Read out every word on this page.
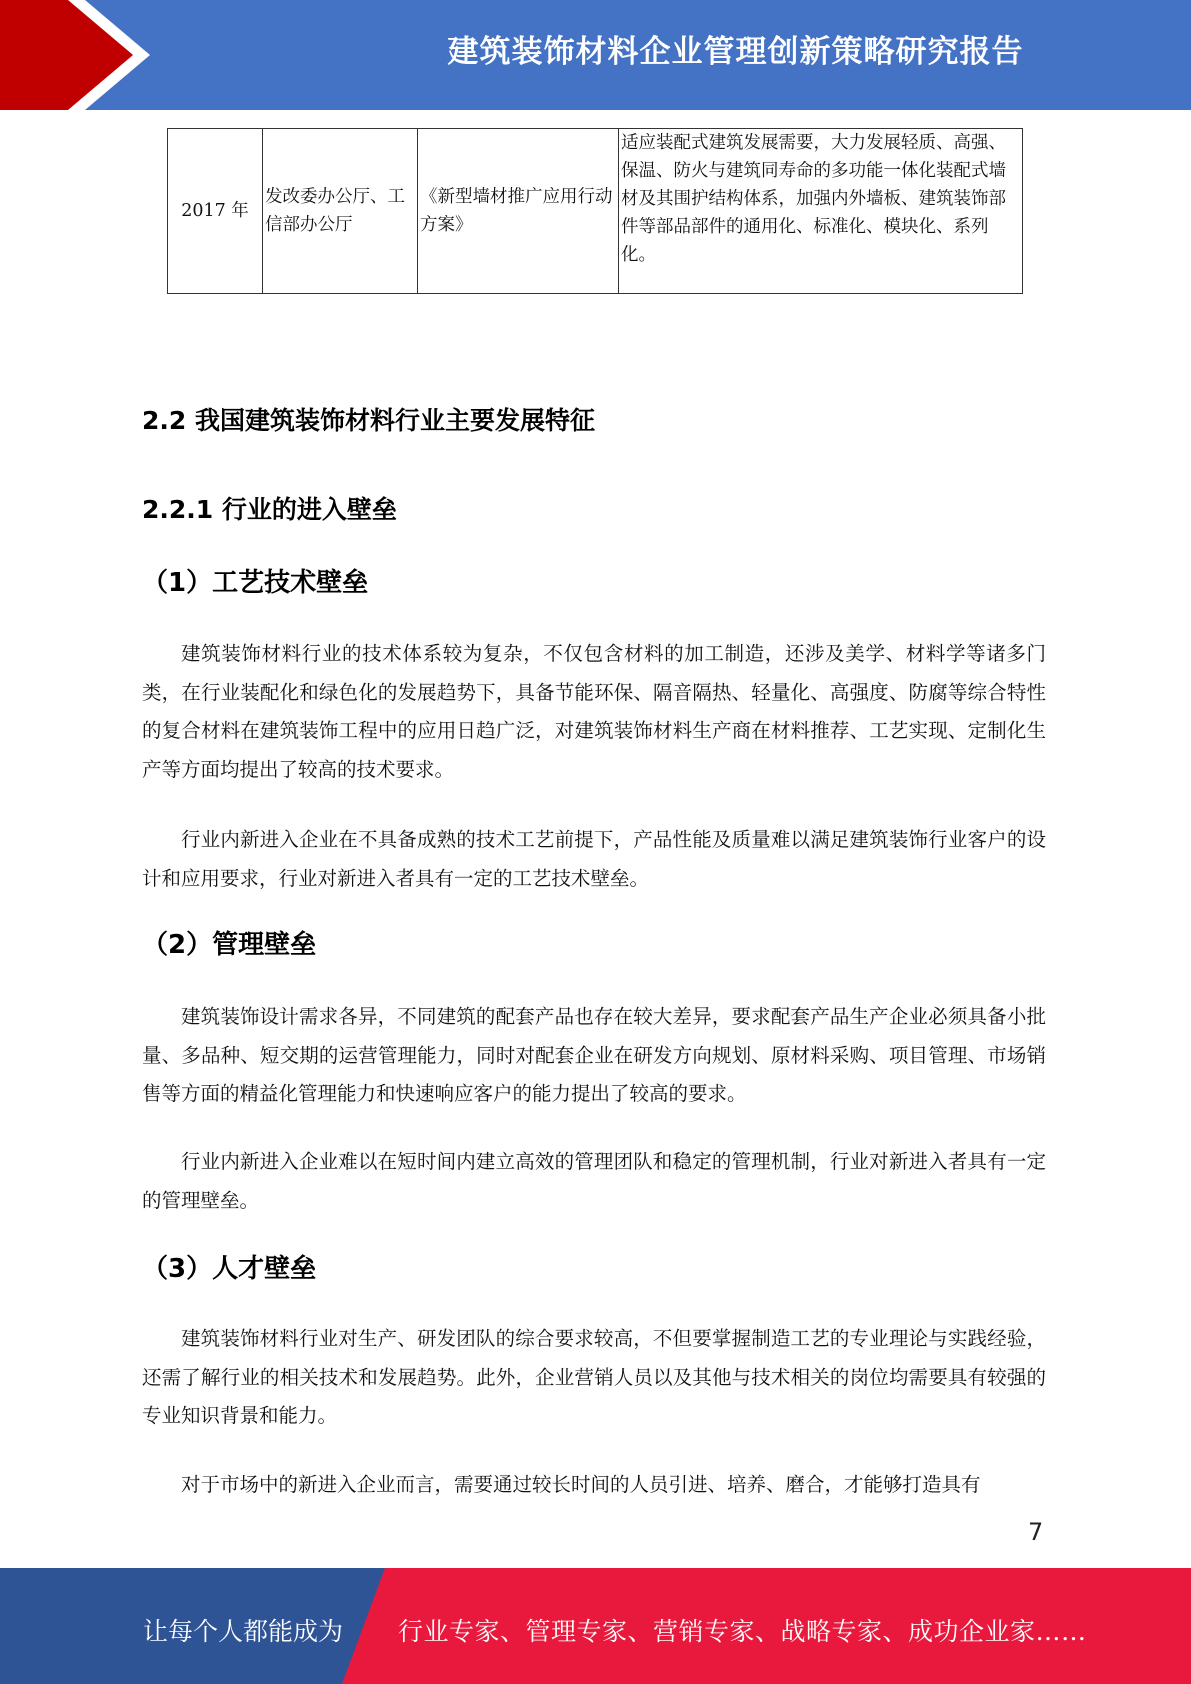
建筑装饰材料企业管理创新策略研究报告
2017 年	发改委办公厅、工信部办公厅	《新型墙材推广应用行动方案》	适应装配式建筑发展需要，大力发展轻质、高强、保温、防火与建筑同寿命的多功能一体化装配式墙材及其围护结构体系，加强内外墙板、建筑装饰部件等部品部件的通用化、标准化、模块化、系列化。
2.2 我国建筑装饰材料行业主要发展特征
2.2.1 行业的进入壁垒
（1）工艺技术壁垒

建筑装饰材料行业的技术体系较为复杂，不仅包含材料的加工制造，还涉及美学、材料学等诸多门类，在行业装配化和绿色化的发展趋势下，具备节能环保、隔音隔热、轻量化、高强度、防腐等综合特性的复合材料在建筑装饰工程中的应用日趋广泛，对建筑装饰材料生产商在材料推荐、工艺实现、定制化生产等方面均提出了较高的技术要求。

行业内新进入企业在不具备成熟的技术工艺前提下，产品性能及质量难以满足建筑装饰行业客户的设计和应用要求，行业对新进入者具有一定的工艺技术壁垒。

（2）管理壁垒

建筑装饰设计需求各异，不同建筑的配套产品也存在较大差异，要求配套产品生产企业必须具备小批量、多品种、短交期的运营管理能力，同时对配套企业在研发方向规划、原材料采购、项目管理、市场销售等方面的精益化管理能力和快速响应客户的能力提出了较高的要求。

行业内新进入企业难以在短时间内建立高效的管理团队和稳定的管理机制，行业对新进入者具有一定的管理壁垒。

（3）人才壁垒

建筑装饰材料行业对生产、研发团队的综合要求较高，不但要掌握制造工艺的专业理论与实践经验，还需了解行业的相关技术和发展趋势。此外，企业营销人员以及其他与技术相关的岗位均需要具有较强的专业知识背景和能力。

对于市场中的新进入企业而言，需要通过较长时间的人员引进、培养、磨合，才能够打造具有

7
让每个人都能成为 行业专家、管理专家、营销专家、战略专家、成功企业家……
